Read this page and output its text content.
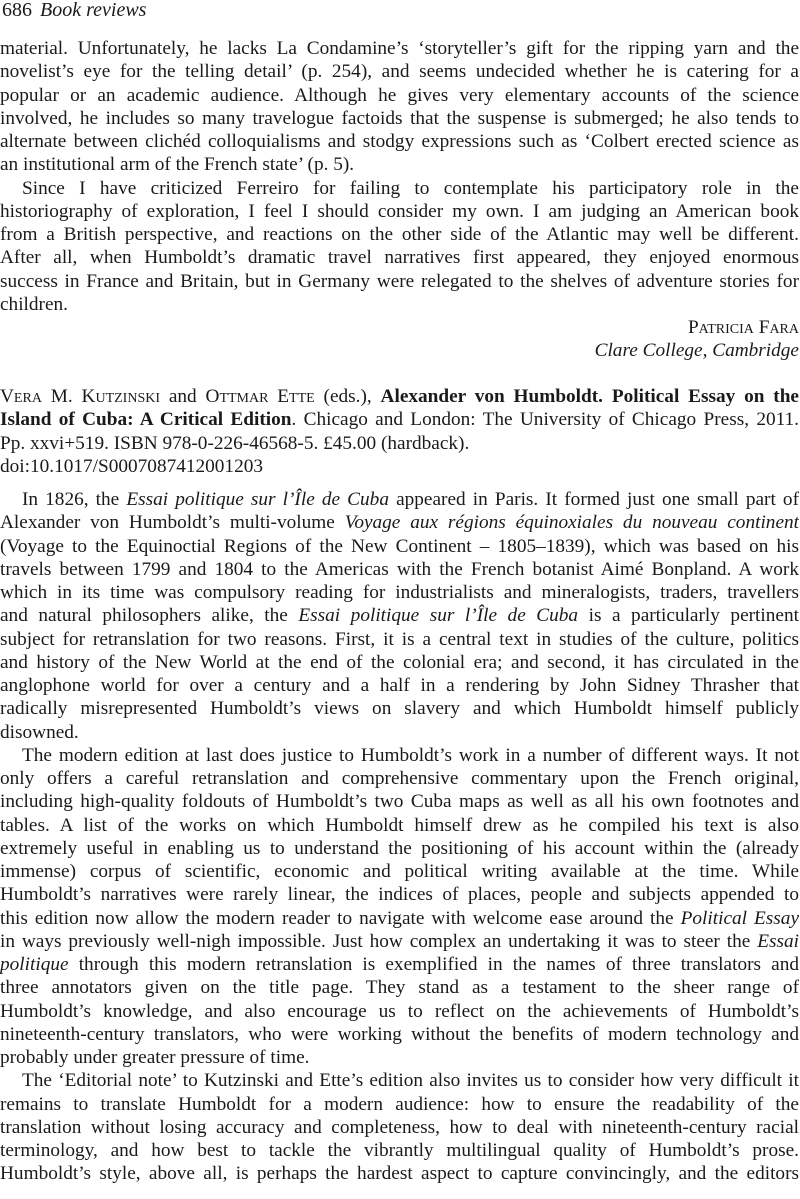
686 Book reviews
material. Unfortunately, he lacks La Condamine’s ‘storyteller’s gift for the ripping yarn and the
novelist’s eye for the telling detail’ (p. 254), and seems undecided whether he is catering for a
popular or an academic audience. Although he gives very elementary accounts of the science
involved, he includes so many travelogue factoids that the suspense is submerged; he also tends to
alternate between clichéd colloquialisms and stodgy expressions such as ‘Colbert erected science as
an institutional arm of the French state’ (p. 5).
Since I have criticized Ferreiro for failing to contemplate his participatory role in the
historiography of exploration, I feel I should consider my own. I am judging an American book
from a British perspective, and reactions on the other side of the Atlantic may well be different.
After all, when Humboldt’s dramatic travel narratives first appeared, they enjoyed enormous
success in France and Britain, but in Germany were relegated to the shelves of adventure stories for
children.
Patricia Fara
Clare College, Cambridge
Vera M. Kutzinski and Ottmar Ette (eds.), Alexander von Humboldt. Political Essay on the
Island of Cuba: A Critical Edition. Chicago and London: The University of Chicago Press, 2011.
Pp. xxvi+519. ISBN 978-0-226-46568-5. £45.00 (hardback).
doi:10.1017/S0007087412001203
In 1826, the Essai politique sur l’Île de Cuba appeared in Paris. It formed just one small part of
Alexander von Humboldt’s multi-volume Voyage aux régions équinoxiales du nouveau continent
(Voyage to the Equinoctial Regions of the New Continent – 1805–1839), which was based on his
travels between 1799 and 1804 to the Americas with the French botanist Aimé Bonpland. A work
which in its time was compulsory reading for industrialists and mineralogists, traders, travellers
and natural philosophers alike, the Essai politique sur l’Île de Cuba is a particularly pertinent
subject for retranslation for two reasons. First, it is a central text in studies of the culture, politics
and history of the New World at the end of the colonial era; and second, it has circulated in the
anglophone world for over a century and a half in a rendering by John Sidney Thrasher that
radically misrepresented Humboldt’s views on slavery and which Humboldt himself publicly
disowned.
The modern edition at last does justice to Humboldt’s work in a number of different ways. It not
only offers a careful retranslation and comprehensive commentary upon the French original,
including high-quality foldouts of Humboldt’s two Cuba maps as well as all his own footnotes and
tables. A list of the works on which Humboldt himself drew as he compiled his text is also
extremely useful in enabling us to understand the positioning of his account within the (already
immense) corpus of scientific, economic and political writing available at the time. While
Humboldt’s narratives were rarely linear, the indices of places, people and subjects appended to
this edition now allow the modern reader to navigate with welcome ease around the Political Essay
in ways previously well-nigh impossible. Just how complex an undertaking it was to steer the Essai
politique through this modern retranslation is exemplified in the names of three translators and
three annotators given on the title page. They stand as a testament to the sheer range of
Humboldt’s knowledge, and also encourage us to reflect on the achievements of Humboldt’s
nineteenth-century translators, who were working without the benefits of modern technology and
probably under greater pressure of time.
The ‘Editorial note’ to Kutzinski and Ette’s edition also invites us to consider how very difficult it
remains to translate Humboldt for a modern audience: how to ensure the readability of the
translation without losing accuracy and completeness, how to deal with nineteenth-century racial
terminology, and how best to tackle the vibrantly multilingual quality of Humboldt’s prose.
Humboldt’s style, above all, is perhaps the hardest aspect to capture convincingly, and the editors
